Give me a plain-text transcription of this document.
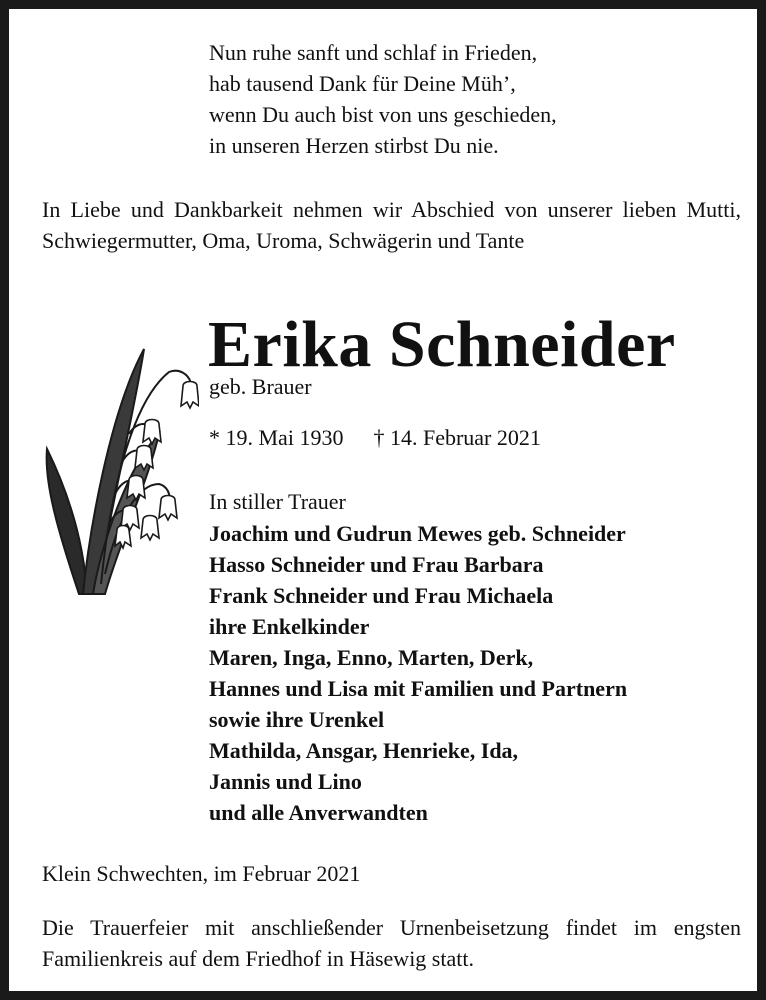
Nun ruhe sanft und schlaf in Frieden,
hab tausend Dank für Deine Müh’,
wenn Du auch bist von uns geschieden,
in unseren Herzen stirbst Du nie.
In Liebe und Dankbarkeit nehmen wir Abschied von unserer lieben Mutti, Schwiegermutter, Oma, Uroma, Schwägerin und Tante
Erika Schneider
geb. Brauer
* 19. Mai 1930 † 14. Februar 2021
In stiller Trauer
Joachim und Gudrun Mewes geb. Schneider
Hasso Schneider und Frau Barbara
Frank Schneider und Frau Michaela
ihre Enkelkinder
Maren, Inga, Enno, Marten, Derk,
Hannes und Lisa mit Familien und Partnern
sowie ihre Urenkel
Mathilda, Ansgar, Henrieke, Ida,
Jannis und Lino
und alle Anverwandten
Klein Schwechten, im Februar 2021
Die Trauerfeier mit anschließender Urnenbeisetzung findet im engsten Familienkreis auf dem Friedhof in Häsewig statt.
